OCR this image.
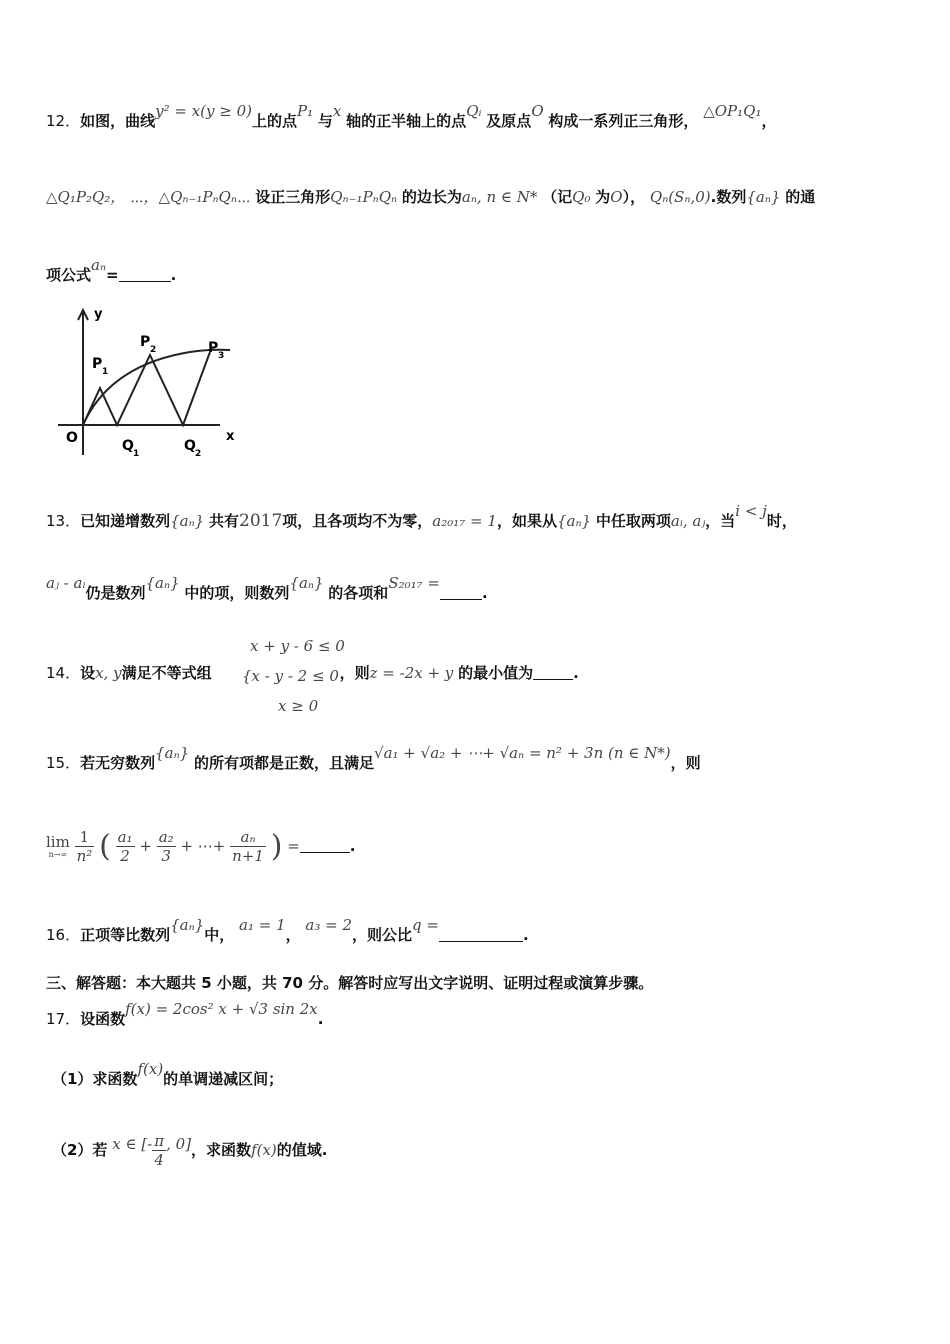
12．如图，曲线y² = x(y ≥ 0)上的点P₁ 与x 轴的正半轴上的点Qᵢ 及原点O 构成一系列正三角形， △OP₁Q₁，
△Q₁P₂Q₂， ⋯，△Qₙ₋₁PₙQₙ⋯ 设正三角形Qₙ₋₁PₙQₙ 的边长为aₙ, n ∈ N* （记Q₀ 为O）， Qₙ(Sₙ,0).数列{aₙ} 的通
项公式aₙ=	.
y
x
O
P 1
P 2	P 3
Q 1	Q 2
13．已知递增数列{aₙ} 共有2017项，且各项均不为零，a₂₀₁₇ = 1，如果从{aₙ} 中任取两项aᵢ, aⱼ，当i < j时，
aⱼ - aᵢ仍是数列{aₙ} 中的项，则数列{aₙ} 的各项和S₂₀₁₇ =.
x + y - 6 ≤ 0
{x - y - 2 ≤ 0
x ≥ 0
14．设x, y满足不等式组	，则z = -2x + y 的最小值为	.
15．若无穷数列{aₙ} 的所有项都是正数，且满足√a₁ + √a₂ + ⋯+ √aₙ = n² + 3n (n ∈ N*)，则
lim
n→∞
$\frac{1}{\text{n²}}$ ( $\frac{\text{a₁}}{2} + \frac{\text{a₂}}{3}$ + ⋯+ $\frac{\text{aₙ}}{n+1}$ ) =	.
16．正项等比数列{aₙ}中， a₁ = 1， a₃ = 2，则公比q =.
三、解答题：本大题共 5 小题，共 70 分。解答时应写出文字说明、证明过程或演算步骤。
17．设函数f(x) = 2cos² x + √3 sin 2x.
（1）求函数f(x)的单调递减区间；
（2）若 x ∈ [- $\frac{\pi}{4}$ , 0]，求函数f(x)的值域.
